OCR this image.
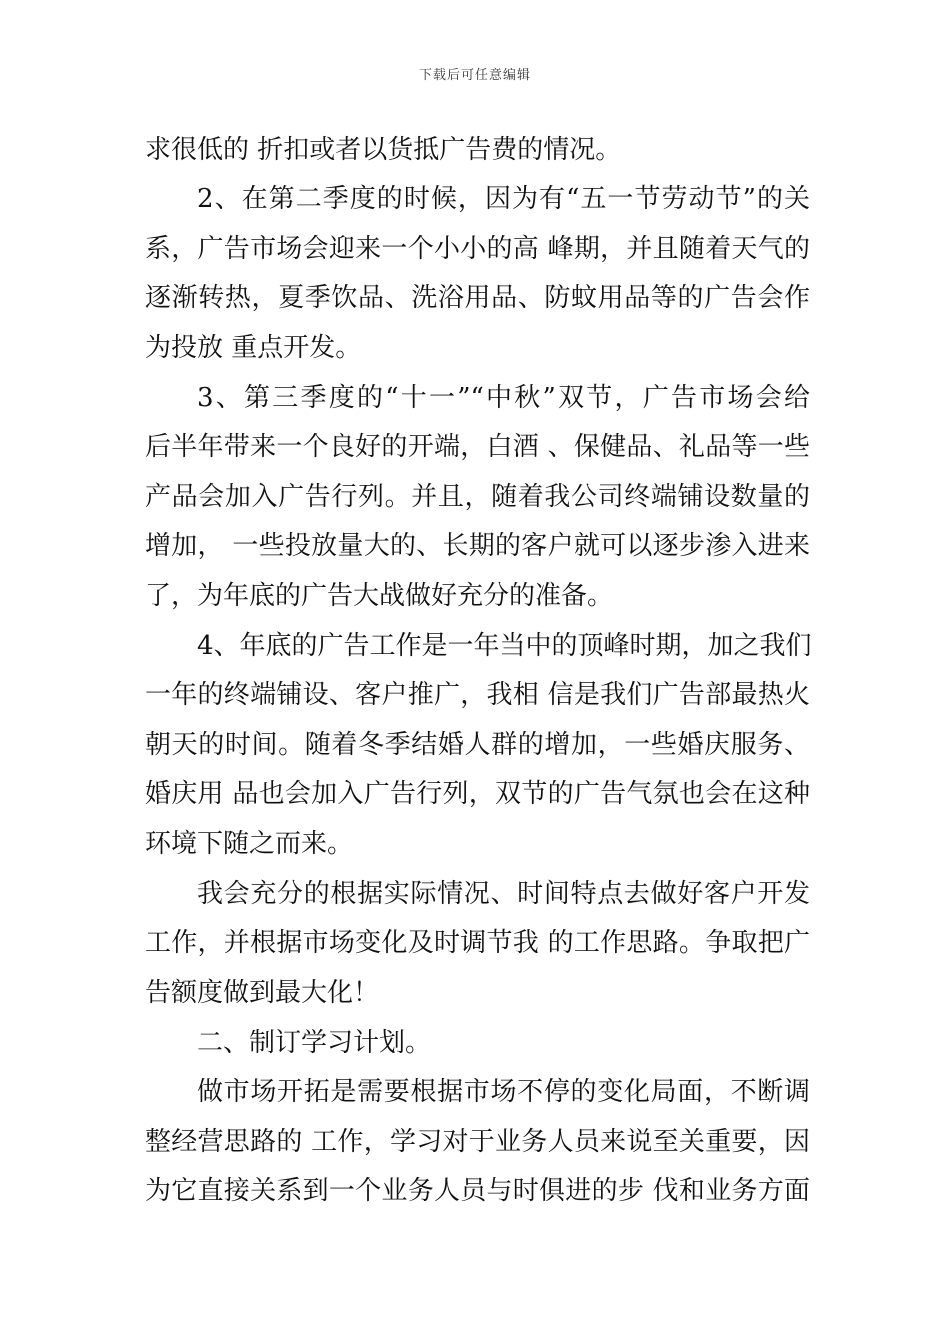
下载后可任意编辑
求很低的 折扣或者以货抵广告费的情况。
2、在第二季度的时候，因为有“五一节劳动节”的关
系，广告市场会迎来一个小小的高 峰期，并且随着天气的
逐渐转热，夏季饮品、洗浴用品、防蚊用品等的广告会作
为投放 重点开发。
3、第三季度的“十一”“中秋”双节，广告市场会给
后半年带来一个良好的开端，白酒 、保健品、礼品等一些
产品会加入广告行列。并且，随着我公司终端铺设数量的
增加， 一些投放量大的、长期的客户就可以逐步渗入进来
了，为年底的广告大战做好充分的准备。
4、年底的广告工作是一年当中的顶峰时期，加之我们
一年的终端铺设、客户推广，我相 信是我们广告部最热火
朝天的时间。随着冬季结婚人群的增加，一些婚庆服务、
婚庆用 品也会加入广告行列，双节的广告气氛也会在这种
环境下随之而来。
我会充分的根据实际情况、时间特点去做好客户开发
工作，并根据市场变化及时调节我 的工作思路。争取把广
告额度做到最大化！
二、制订学习计划。
做市场开拓是需要根据市场不停的变化局面，不断调
整经营思路的 工作，学习对于业务人员来说至关重要，因
为它直接关系到一个业务人员与时俱进的步 伐和业务方面
